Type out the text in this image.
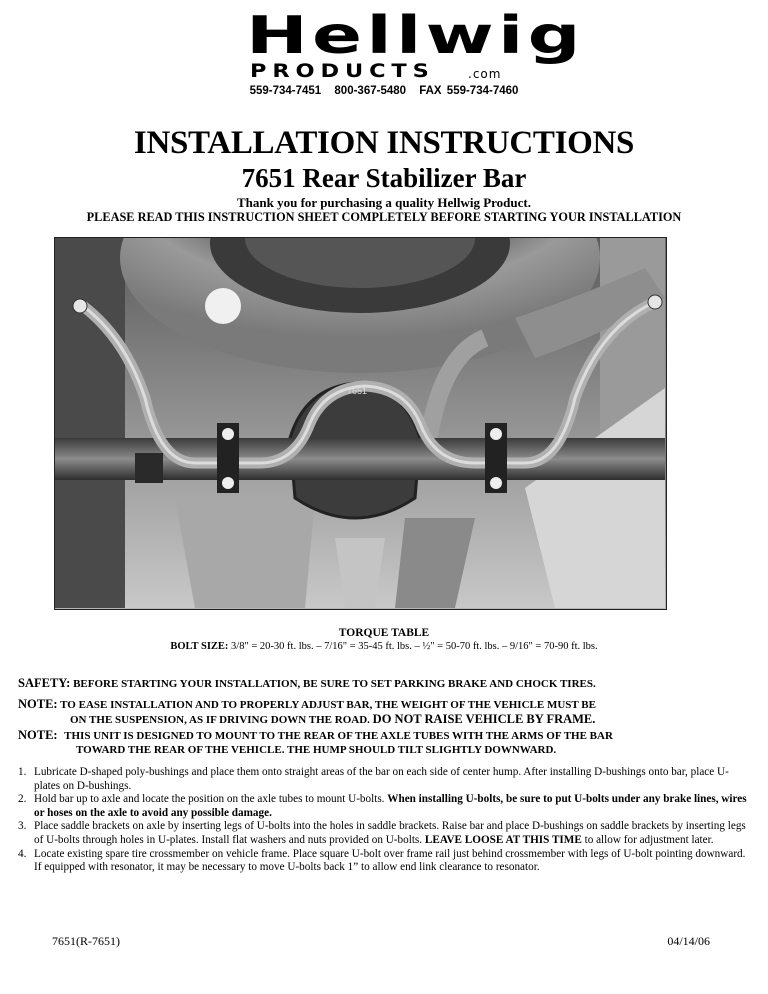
Hellwig
PRODUCTS	.com
559-734-7451 800-367-5480 FAX 559-734-7460
INSTALLATION INSTRUCTIONS
7651 Rear Stabilizer Bar
Thank you for purchasing a quality Hellwig Product.
PLEASE READ THIS INSTRUCTION SHEET COMPLETELY BEFORE STARTING YOUR INSTALLATION
7651
TORQUE TABLE
BOLT SIZE: 3/8" = 20-30 ft. lbs. – 7/16" = 35-45 ft. lbs. – ½" = 50-70 ft. lbs. – 9/16" = 70-90 ft. lbs.
SAFETY: BEFORE STARTING YOUR INSTALLATION, BE SURE TO SET PARKING BRAKE AND CHOCK TIRES.
NOTE: TO EASE INSTALLATION AND TO PROPERLY ADJUST BAR, THE WEIGHT OF THE VEHICLE MUST BE
ON THE SUSPENSION, AS IF DRIVING DOWN THE ROAD. DO NOT RAISE VEHICLE BY FRAME.
NOTE: THIS UNIT IS DESIGNED TO MOUNT TO THE REAR OF THE AXLE TUBES WITH THE ARMS OF THE BAR
TOWARD THE REAR OF THE VEHICLE. THE HUMP SHOULD TILT SLIGHTLY DOWNWARD.
1. Lubricate D-shaped poly-bushings and place them onto straight areas of the bar on each side of center hump. After installing D-bushings onto bar, place U-plates on D-bushings.
2. Hold bar up to axle and locate the position on the axle tubes to mount U-bolts. When installing U-bolts, be sure to put U-bolts under any brake lines, wires or hoses on the axle to avoid any possible damage.
3. Place saddle brackets on axle by inserting legs of U-bolts into the holes in saddle brackets. Raise bar and place D-bushings on saddle brackets by inserting legs of U-bolts through holes in U-plates. Install flat washers and nuts provided on U-bolts. LEAVE LOOSE AT THIS TIME to allow for adjustment later.
4. Locate existing spare tire crossmember on vehicle frame. Place square U-bolt over frame rail just behind crossmember with legs of U-bolt pointing downward. If equipped with resonator, it may be necessary to move U-bolts back 1” to allow end link clearance to resonator.
7651(R-7651)	04/14/06
